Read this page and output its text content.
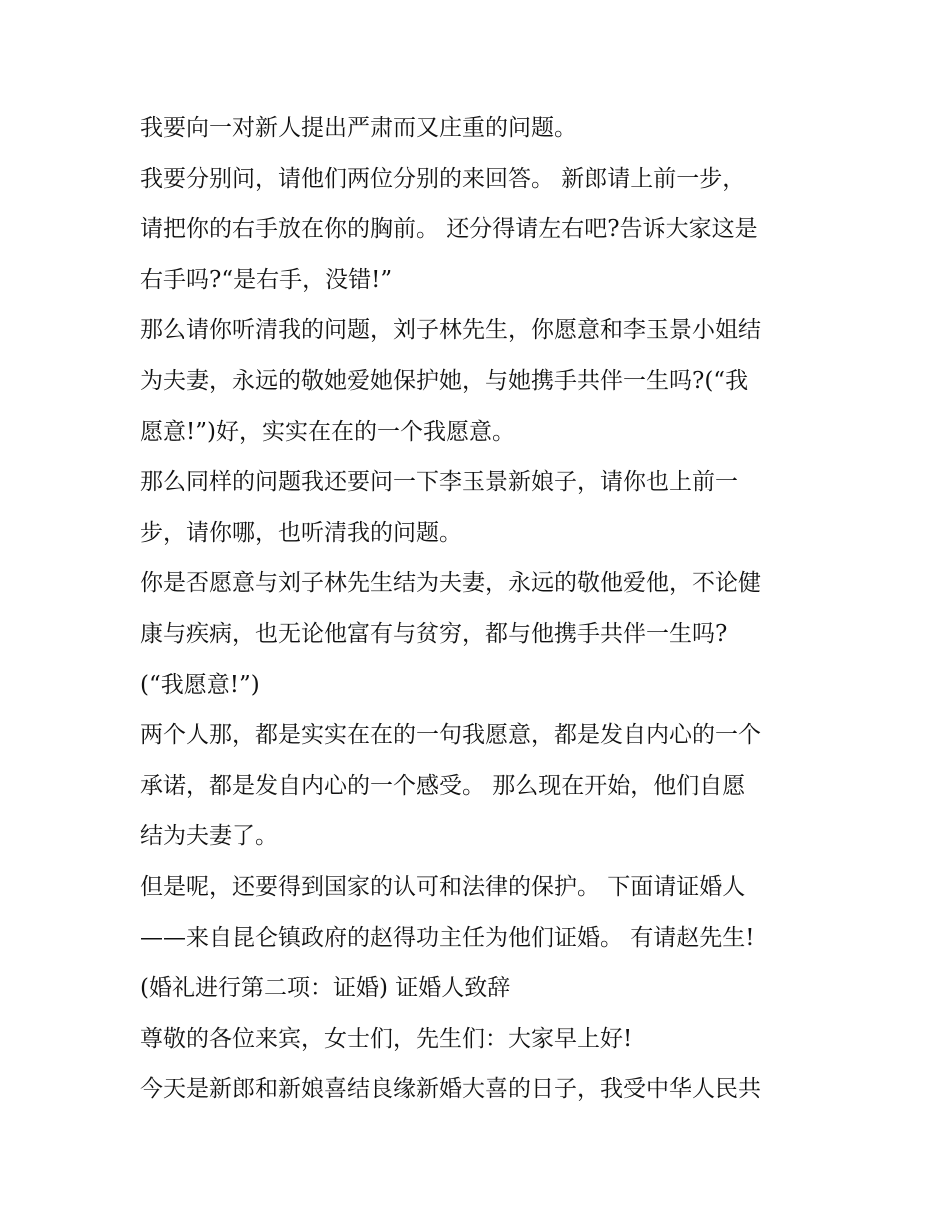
我要向一对新人提出严肃而又庄重的问题。
我要分别问，请他们两位分别的来回答。 新郎请上前一步，
请把你的右手放在你的胸前。 还分得请左右吧?告诉大家这是
右手吗?“是右手，没错!”
那么请你听清我的问题，刘子林先生，你愿意和李玉景小姐结
为夫妻，永远的敬她爱她保护她，与她携手共伴一生吗?(“我
愿意!”)好，实实在在的一个我愿意。
那么同样的问题我还要问一下李玉景新娘子，请你也上前一
步，请你哪，也听清我的问题。
你是否愿意与刘子林先生结为夫妻，永远的敬他爱他，不论健
康与疾病，也无论他富有与贫穷，都与他携手共伴一生吗?
(“我愿意!”)
两个人那，都是实实在在的一句我愿意，都是发自内心的一个
承诺，都是发自内心的一个感受。 那么现在开始，他们自愿
结为夫妻了。
但是呢，还要得到国家的认可和法律的保护。 下面请证婚人
——来自昆仑镇政府的赵得功主任为他们证婚。 有请赵先生!
(婚礼进行第二项：证婚) 证婚人致辞
尊敬的各位来宾，女士们，先生们：大家早上好!
今天是新郎和新娘喜结良缘新婚大喜的日子，我受中华人民共
